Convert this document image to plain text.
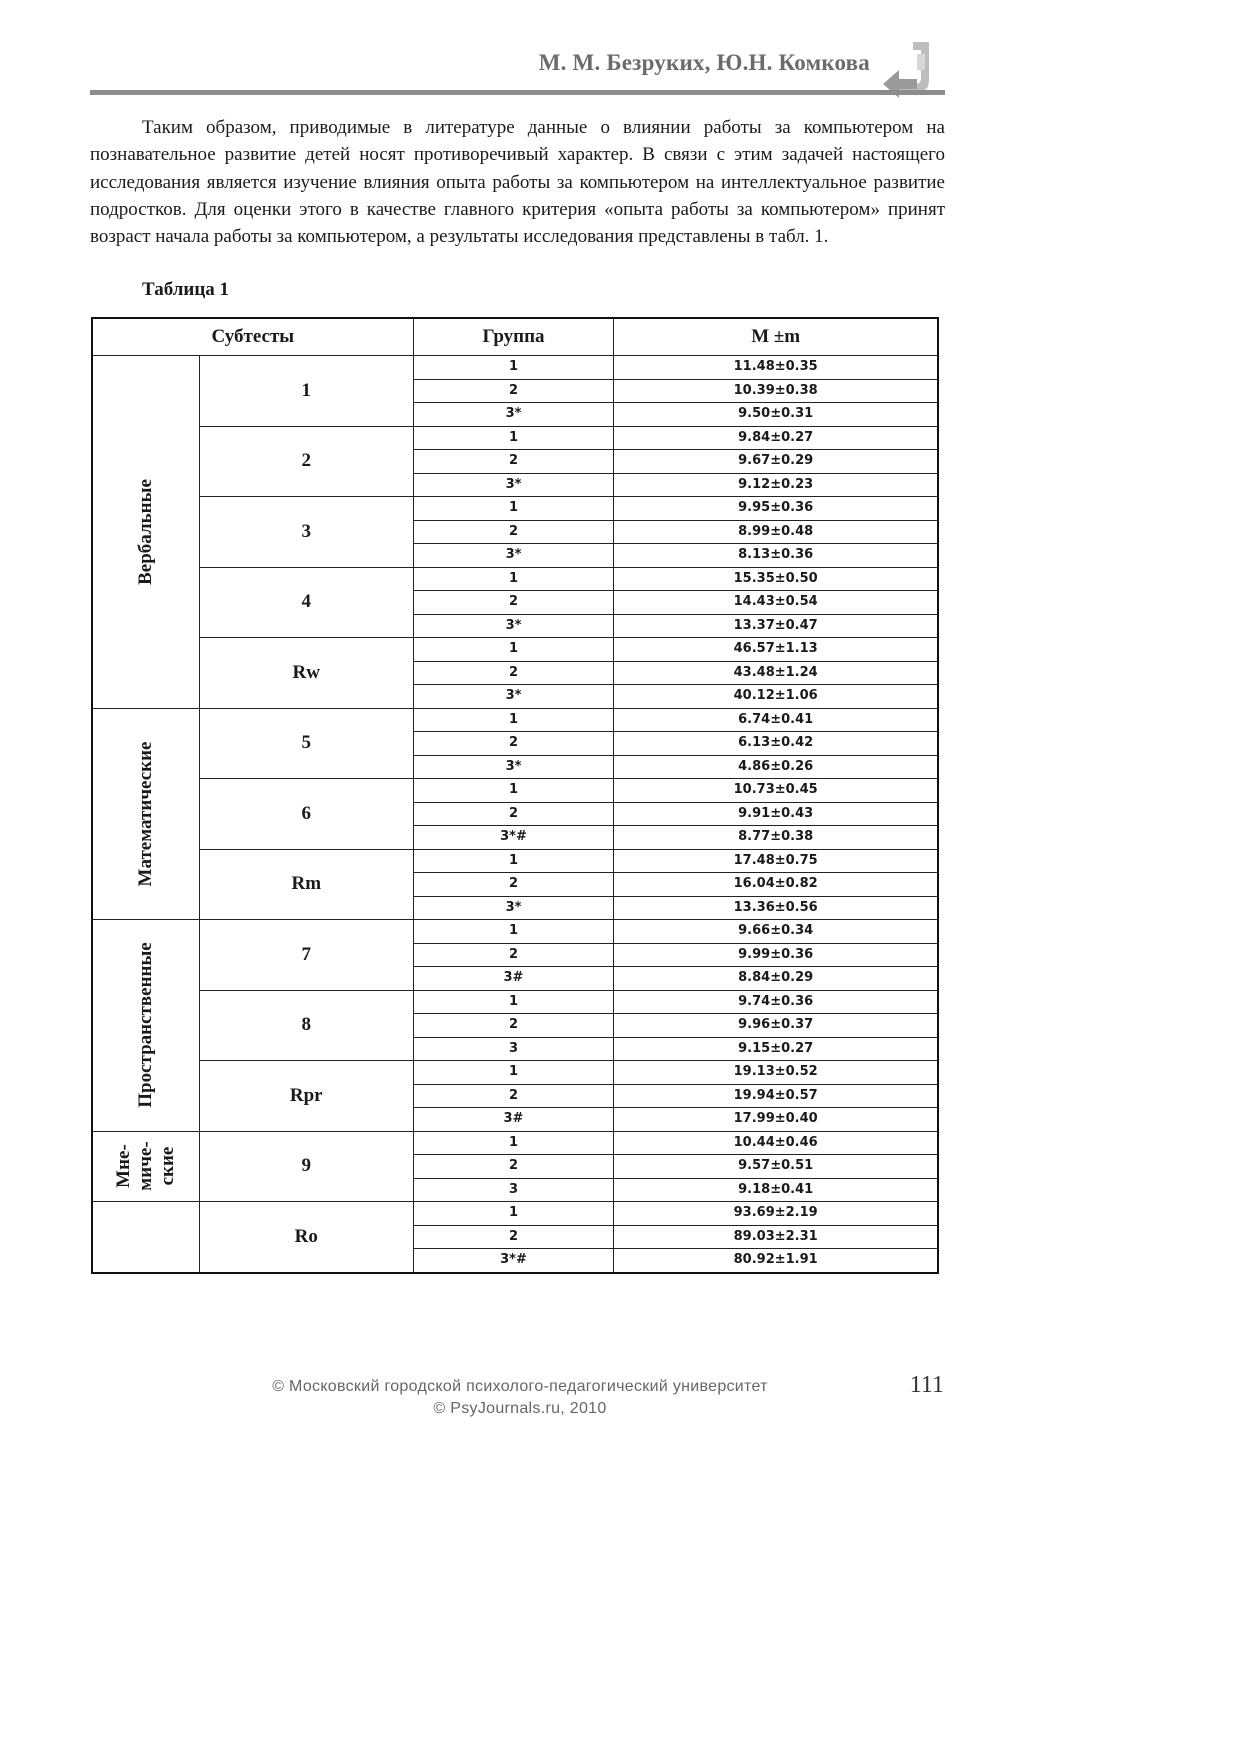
М. М. Безруких, Ю.Н. Комкова

Таким образом, приводимые в литературе данные о влиянии работы за компьютером на познавательное развитие детей носят противоречивый характер. В связи с этим задачей настоящего исследования является изучение влияния опыта работы за компьютером на интеллектуальное развитие подростков. Для оценки этого в качестве главного критерия «опыта работы за компьютером» принят возраст начала работы за компьютером, а результаты исследования представлены в табл. 1.

Таблица 1

Субтесты		Группа	M ±m

Вербальные	1	1	11.48±0.35
		2	10.39±0.38
		3*	9.50±0.31
	2	1	9.84±0.27
		2	9.67±0.29
		3*	9.12±0.23
	3	1	9.95±0.36
		2	8.99±0.48
		3*	8.13±0.36
	4	1	15.35±0.50
		2	14.43±0.54
		3*	13.37±0.47
	Rw	1	46.57±1.13
		2	43.48±1.24
		3*	40.12±1.06

Математические	5	1	6.74±0.41
		2	6.13±0.42
		3*	4.86±0.26
	6	1	10.73±0.45
		2	9.91±0.43
		3*#	8.77±0.38
	Rm	1	17.48±0.75
		2	16.04±0.82
		3*	13.36±0.56

Пространственные	7	1	9.66±0.34
		2	9.99±0.36
		3#	8.84±0.29
	8	1	9.74±0.36
		2	9.96±0.37
		3	9.15±0.27
	Rpr	1	19.13±0.52
		2	19.94±0.57
		3#	17.99±0.40

Мне-
миче-
ские	9	1	10.44±0.46
		2	9.57±0.51
		3	9.18±0.41

	Ro	1	93.69±2.19
		2	89.03±2.31
		3*#	80.92±1.91
© Московский городской психолого-педагогический университет
© PsyJournals.ru, 2010
111
